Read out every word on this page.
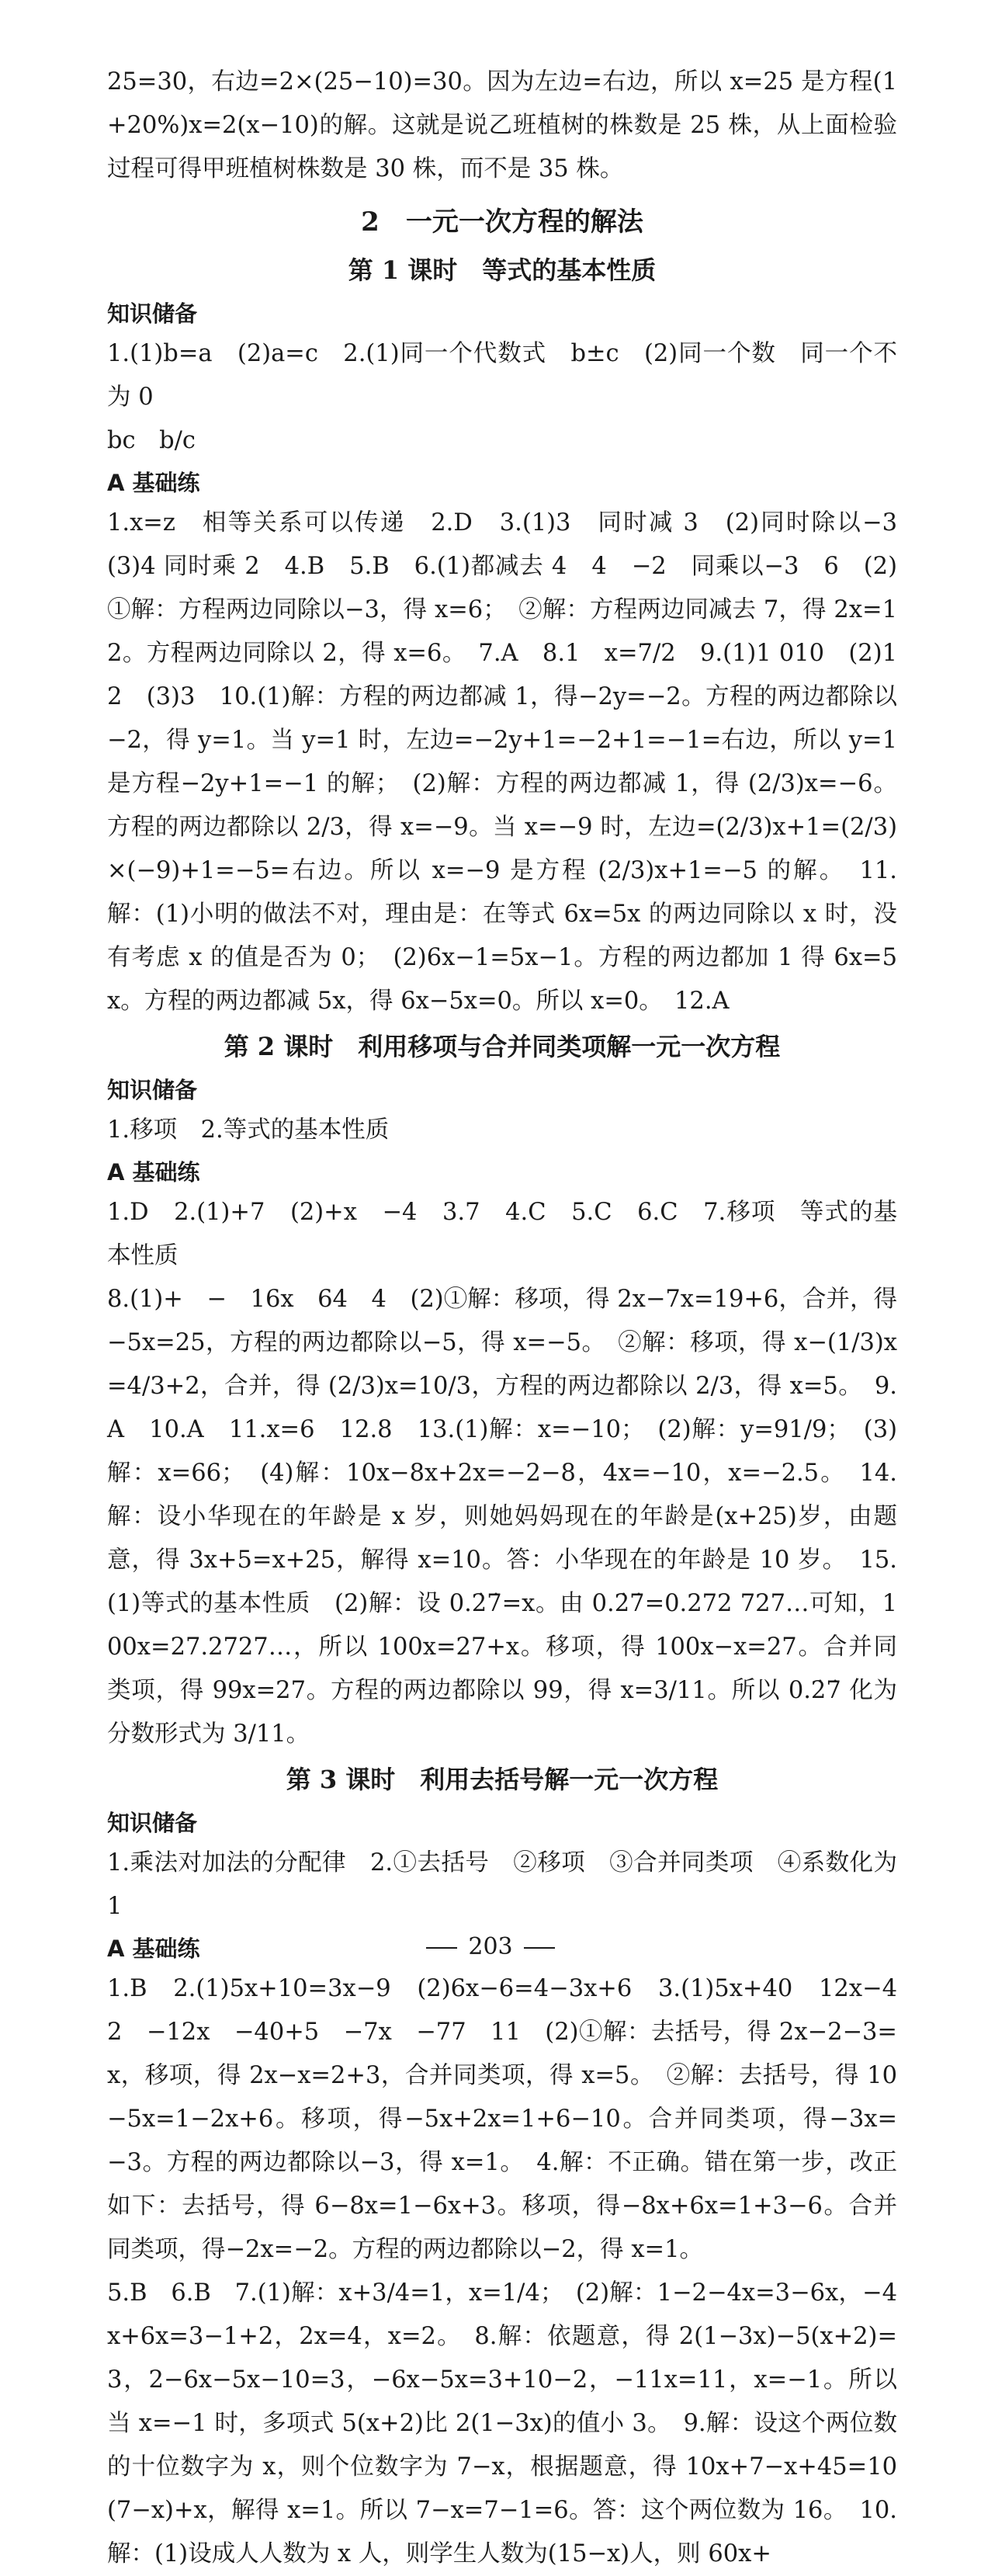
25=30，右边=2×(25−10)=30。因为左边=右边，所以 x=25 是方程(1+20%)x=2(x−10)的解。这就是说乙班植树的株数是 25 株，从上面检验过程可得甲班植树株数是 30 株，而不是 35 株。

2　一元一次方程的解法

第 1 课时　等式的基本性质

知识储备

1.(1)b=a　(2)a=c　2.(1)同一个代数式　b±c　(2)同一个数　同一个不为 0

bc　b/c

A 基础练

1.x=z　相等关系可以传递　2.D　3.(1)3　同时减 3　(2)同时除以−3　(3)4 同时乘 2　4.B　5.B　6.(1)都减去 4　4　−2　同乘以−3　6　(2)①解：方程两边同除以−3，得 x=6；　②解：方程两边同减去 7，得 2x=12。方程两边同除以 2，得 x=6。　7.A　8.1　x=7/2　9.(1)1 010　(2)12　(3)3　10.(1)解：方程的两边都减 1，得−2y=−2。方程的两边都除以−2，得 y=1。当 y=1 时，左边=−2y+1=−2+1=−1=右边，所以 y=1 是方程−2y+1=−1 的解；　(2)解：方程的两边都减 1，得 (2/3)x=−6。方程的两边都除以 2/3，得 x=−9。当 x=−9 时，左边=(2/3)x+1=(2/3)×(−9)+1=−5=右边。所以 x=−9 是方程 (2/3)x+1=−5 的解。　11.解：(1)小明的做法不对，理由是：在等式 6x=5x 的两边同除以 x 时，没有考虑 x 的值是否为 0；　(2)6x−1=5x−1。方程的两边都加 1 得 6x=5x。方程的两边都减 5x，得 6x−5x=0。所以 x=0。　12.A

第 2 课时　利用移项与合并同类项解一元一次方程

知识储备

1.移项　2.等式的基本性质

A 基础练

1.D　2.(1)+7　(2)+x　−4　3.7　4.C　5.C　6.C　7.移项　等式的基本性质

8.(1)+　−　16x　64　4　(2)①解：移项，得 2x−7x=19+6，合并，得−5x=25，方程的两边都除以−5，得 x=−5。　②解：移项，得 x−(1/3)x=4/3+2，合并，得 (2/3)x=10/3，方程的两边都除以 2/3，得 x=5。　9.A　10.A　11.x=6　12.8　13.(1)解：x=−10；　(2)解：y=91/9；　(3)解：x=66；　(4)解：10x−8x+2x=−2−8，4x=−10，x=−2.5。　14.解：设小华现在的年龄是 x 岁，则她妈妈现在的年龄是(x+25)岁，由题意，得 3x+5=x+25，解得 x=10。答：小华现在的年龄是 10 岁。　15.(1)等式的基本性质　(2)解：设 0.2̇7̇=x。由 0.2̇7̇=0.272 727…可知，100x=27.2727…，所以 100x=27+x。移项，得 100x−x=27。合并同类项，得 99x=27。方程的两边都除以 99，得 x=3/11。所以 0.2̇7̇ 化为分数形式为 3/11。

第 3 课时　利用去括号解一元一次方程

知识储备

1.乘法对加法的分配律　2.①去括号　②移项　③合并同类项　④系数化为 1

A 基础练

1.B　2.(1)5x+10=3x−9　(2)6x−6=4−3x+6　3.(1)5x+40　12x−42　−12x　−40+5　−7x　−77　11　(2)①解：去括号，得 2x−2−3=x，移项，得 2x−x=2+3，合并同类项，得 x=5。　②解：去括号，得 10−5x=1−2x+6。移项，得−5x+2x=1+6−10。合并同类项，得−3x=−3。方程的两边都除以−3，得 x=1。　4.解：不正确。错在第一步，改正如下：去括号，得 6−8x=1−6x+3。移项，得−8x+6x=1+3−6。合并同类项，得−2x=−2。方程的两边都除以−2，得 x=1。

5.B　6.B　7.(1)解：x+3/4=1，x=1/4；　(2)解：1−2−4x=3−6x，−4x+6x=3−1+2，2x=4，x=2。　8.解：依题意，得 2(1−3x)−5(x+2)=3，2−6x−5x−10=3，−6x−5x=3+10−2，−11x=11，x=−1。所以当 x=−1 时，多项式 5(x+2)比 2(1−3x)的值小 3。　9.解：设这个两位数的十位数字为 x，则个位数字为 7−x，根据题意，得 10x+7−x+45=10(7−x)+x，解得 x=1。所以 7−x=7−1=6。答：这个两位数为 16。　10.解：(1)设成人人数为 x 人，则学生人数为(15−x)人，则 60x+

203
